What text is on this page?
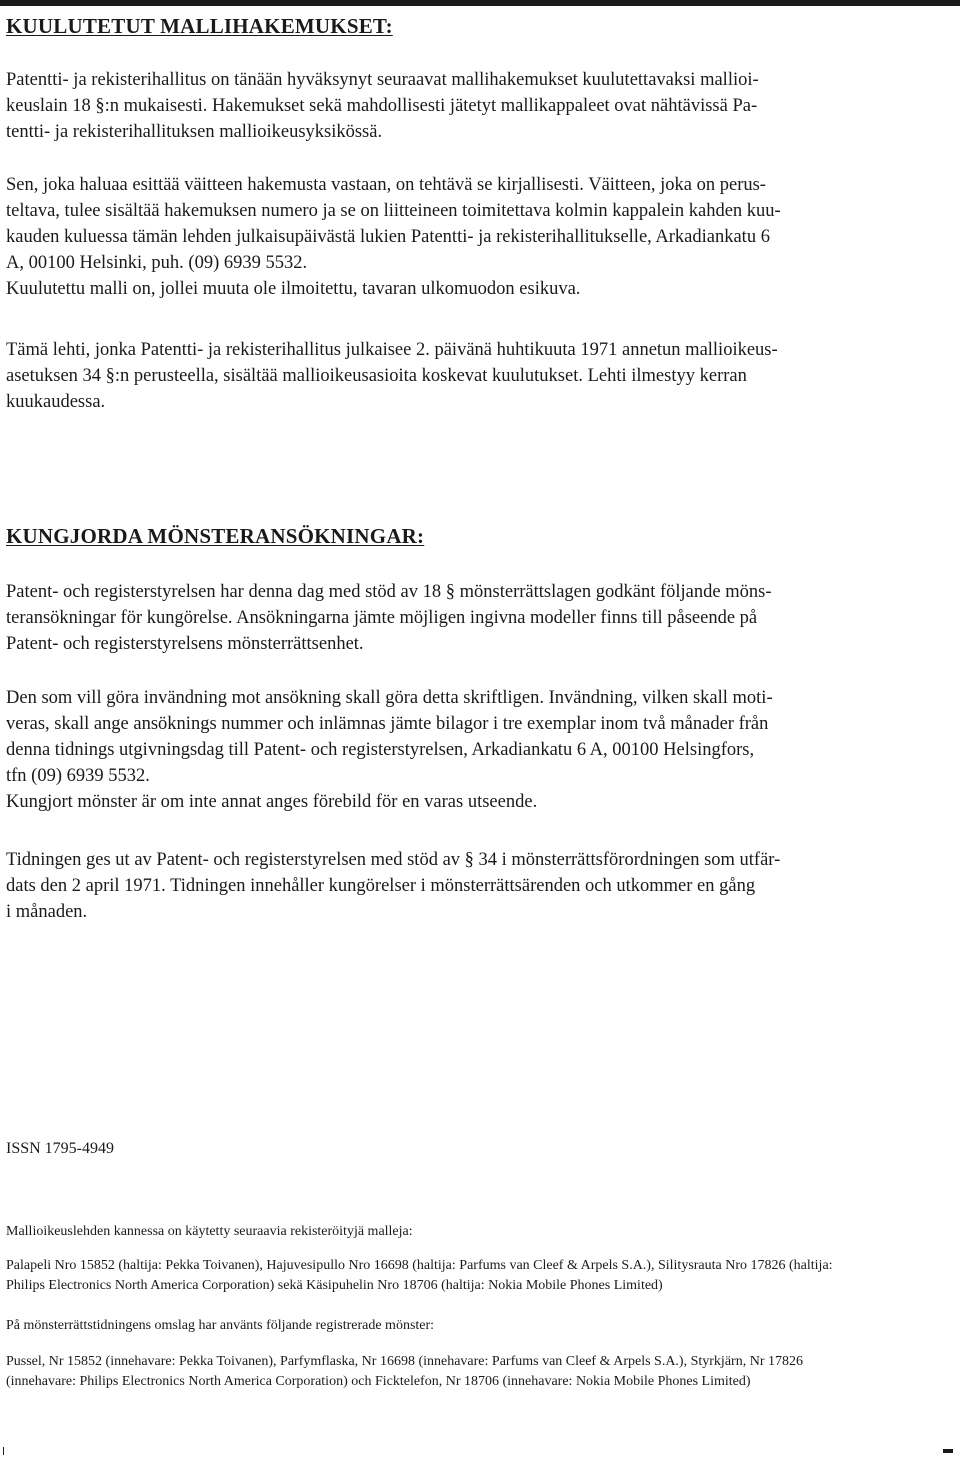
KUULUTETUT MALLIHAKEMUKSET:

Patentti- ja rekisterihallitus on tänään hyväksynyt seuraavat mallihakemukset kuulutettavaksi mallioi-
keuslain 18 §:n mukaisesti. Hakemukset sekä mahdollisesti jätetyt mallikappaleet ovat nähtävissä Pa-
tentti- ja rekisterihallituksen mallioikeusyksikössä.

Sen, joka haluaa esittää väitteen hakemusta vastaan, on tehtävä se kirjallisesti. Väitteen, joka on perus-
teltava, tulee sisältää hakemuksen numero ja se on liitteineen toimitettava kolmin kappalein kahden kuu-
kauden kuluessa tämän lehden julkaisupäivästä lukien Patentti- ja rekisterihallitukselle, Arkadiankatu 6
A, 00100 Helsinki, puh. (09) 6939 5532.
Kuulutettu malli on, jollei muuta ole ilmoitettu, tavaran ulkomuodon esikuva.

Tämä lehti, jonka Patentti- ja rekisterihallitus julkaisee 2. päivänä huhtikuuta 1971 annetun mallioikeus-
asetuksen 34 §:n perusteella, sisältää mallioikeusasioita koskevat kuulutukset. Lehti ilmestyy kerran
kuukaudessa.

KUNGJORDA MÖNSTERANSÖKNINGAR:

Patent- och registerstyrelsen har denna dag med stöd av 18 § mönsterrättslagen godkänt följande möns-
teransökningar för kungörelse. Ansökningarna jämte möjligen ingivna modeller finns till påseende på
Patent- och registerstyrelsens mönsterrättsenhet.

Den som vill göra invändning mot ansökning skall göra detta skriftligen. Invändning, vilken skall moti-
veras, skall ange ansöknings nummer och inlämnas jämte bilagor i tre exemplar inom två månader från
denna tidnings utgivningsdag till Patent- och registerstyrelsen, Arkadiankatu 6 A, 00100 Helsingfors,
tfn (09) 6939 5532.
Kungjort mönster är om inte annat anges förebild för en varas utseende.

Tidningen ges ut av Patent- och registerstyrelsen med stöd av § 34 i mönsterrättsförordningen som utfär-
dats den 2 april 1971. Tidningen innehåller kungörelser i mönsterrättsärenden och utkommer en gång
i månaden.

ISSN 1795-4949

Mallioikeuslehden kannessa on käytetty seuraavia rekisteröityjä malleja:

Palapeli Nro 15852 (haltija: Pekka Toivanen), Hajuvesipullo Nro 16698 (haltija: Parfums van Cleef & Arpels S.A.), Silitysrauta Nro 17826 (haltija:
Philips Electronics North America Corporation) sekä Käsipuhelin Nro 18706 (haltija: Nokia Mobile Phones Limited)

På mönsterrättstidningens omslag har använts följande registrerade mönster:

Pussel, Nr 15852 (innehavare: Pekka Toivanen), Parfymflaska, Nr 16698 (innehavare: Parfums van Cleef & Arpels S.A.), Styrkjärn, Nr 17826
(innehavare: Philips Electronics North America Corporation) och Ficktelefon, Nr 18706 (innehavare: Nokia Mobile Phones Limited)
